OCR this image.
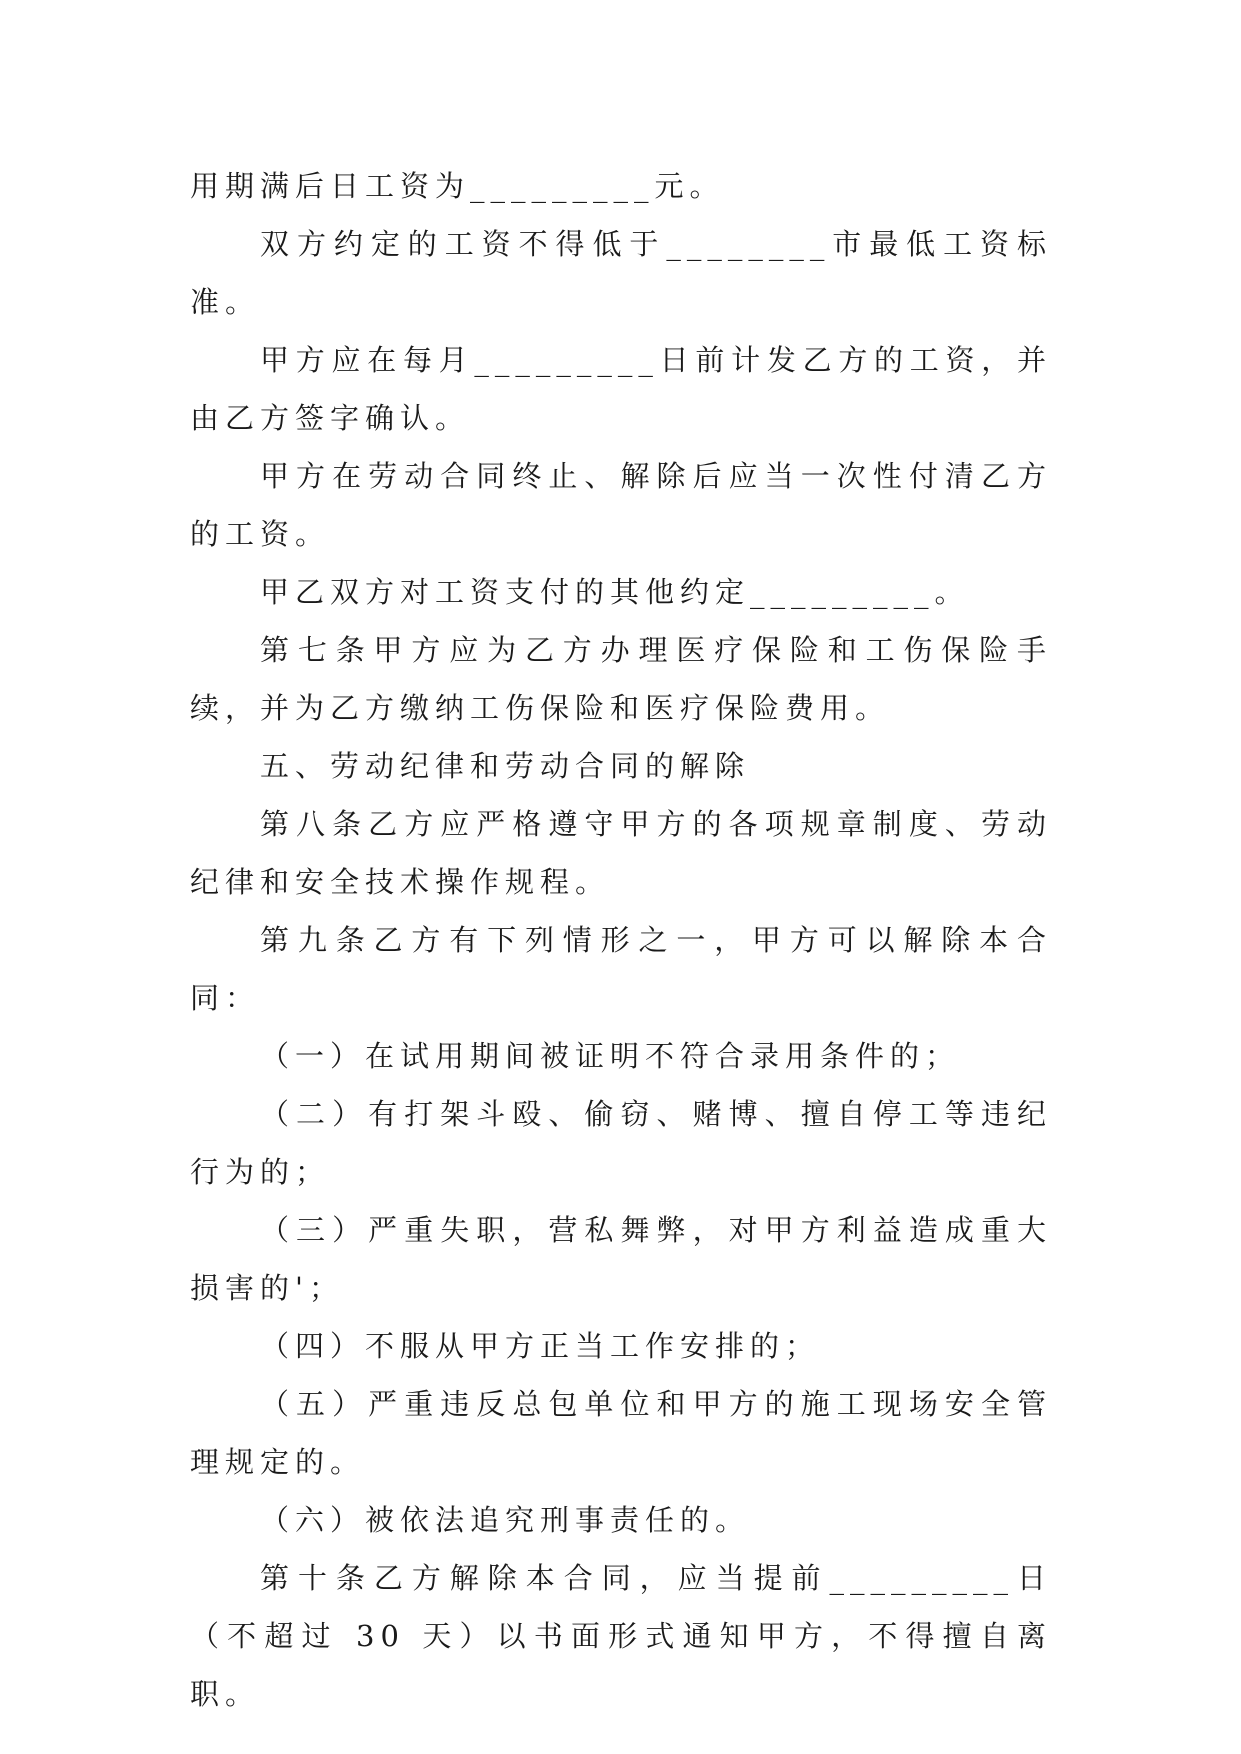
用期满后日工资为_________元。

双方约定的工资不得低于________市最低工资标准。

甲方应在每月_________日前计发乙方的工资，并由乙方签字确认。

甲方在劳动合同终止、解除后应当一次性付清乙方的工资。

甲乙双方对工资支付的其他约定_________。

第七条甲方应为乙方办理医疗保险和工伤保险手续，并为乙方缴纳工伤保险和医疗保险费用。

五、劳动纪律和劳动合同的解除

第八条乙方应严格遵守甲方的各项规章制度、劳动纪律和安全技术操作规程。

第九条乙方有下列情形之一，甲方可以解除本合同：

（一）在试用期间被证明不符合录用条件的；

（二）有打架斗殴、偷窃、赌博、擅自停工等违纪行为的；

（三）严重失职，营私舞弊，对甲方利益造成重大损害的'；

（四）不服从甲方正当工作安排的；

（五）严重违反总包单位和甲方的施工现场安全管理规定的。

（六）被依法追究刑事责任的。

第十条乙方解除本合同，应当提前_________日（不超过 30 天）以书面形式通知甲方，不得擅自离职。
